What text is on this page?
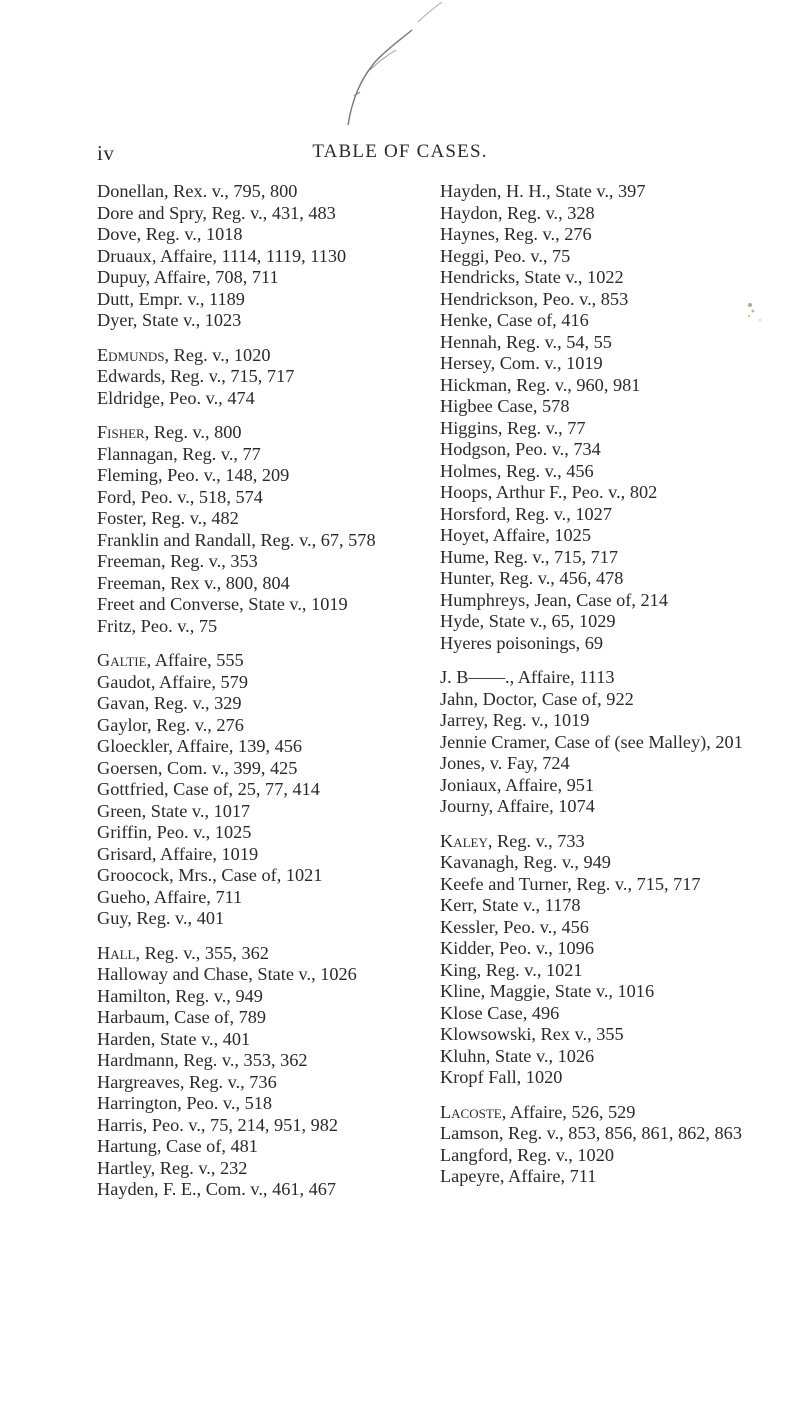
iv	TABLE OF CASES.
Donellan, Rex. v., 795, 800
Dore and Spry, Reg. v., 431, 483
Dove, Reg. v., 1018
Druaux, Affaire, 1114, 1119, 1130
Dupuy, Affaire, 708, 711
Dutt, Empr. v., 1189
Dyer, State v., 1023
Edmunds, Reg. v., 1020
Edwards, Reg. v., 715, 717
Eldridge, Peo. v., 474
Fisher, Reg. v., 800
Flannagan, Reg. v., 77
Fleming, Peo. v., 148, 209
Ford, Peo. v., 518, 574
Foster, Reg. v., 482
Franklin and Randall, Reg. v., 67, 578
Freeman, Reg. v., 353
Freeman, Rex v., 800, 804
Freet and Converse, State v., 1019
Fritz, Peo. v., 75
Galtie, Affaire, 555
Gaudot, Affaire, 579
Gavan, Reg. v., 329
Gaylor, Reg. v., 276
Gloeckler, Affaire, 139, 456
Goersen, Com. v., 399, 425
Gottfried, Case of, 25, 77, 414
Green, State v., 1017
Griffin, Peo. v., 1025
Grisard, Affaire, 1019
Groocock, Mrs., Case of, 1021
Gueho, Affaire, 711
Guy, Reg. v., 401
Hall, Reg. v., 355, 362
Halloway and Chase, State v., 1026
Hamilton, Reg. v., 949
Harbaum, Case of, 789
Harden, State v., 401
Hardmann, Reg. v., 353, 362
Hargreaves, Reg. v., 736
Harrington, Peo. v., 518
Harris, Peo. v., 75, 214, 951, 982
Hartung, Case of, 481
Hartley, Reg. v., 232
Hayden, F. E., Com. v., 461, 467
Hayden, H. H., State v., 397
Haydon, Reg. v., 328
Haynes, Reg. v., 276
Heggi, Peo. v., 75
Hendricks, State v., 1022
Hendrickson, Peo. v., 853
Henke, Case of, 416
Hennah, Reg. v., 54, 55
Hersey, Com. v., 1019
Hickman, Reg. v., 960, 981
Higbee Case, 578
Higgins, Reg. v., 77
Hodgson, Peo. v., 734
Holmes, Reg. v., 456
Hoops, Arthur F., Peo. v., 802
Horsford, Reg. v., 1027
Hoyet, Affaire, 1025
Hume, Reg. v., 715, 717
Hunter, Reg. v., 456, 478
Humphreys, Jean, Case of, 214
Hyde, State v., 65, 1029
Hyeres poisonings, 69
J. B——., Affaire, 1113
Jahn, Doctor, Case of, 922
Jarrey, Reg. v., 1019
Jennie Cramer, Case of (see Malley), 201
Jones, v. Fay, 724
Joniaux, Affaire, 951
Journy, Affaire, 1074
Kaley, Reg. v., 733
Kavanagh, Reg. v., 949
Keefe and Turner, Reg. v., 715, 717
Kerr, State v., 1178
Kessler, Peo. v., 456
Kidder, Peo. v., 1096
King, Reg. v., 1021
Kline, Maggie, State v., 1016
Klose Case, 496
Klowsowski, Rex v., 355
Kluhn, State v., 1026
Kropf Fall, 1020
Lacoste, Affaire, 526, 529
Lamson, Reg. v., 853, 856, 861, 862, 863
Langford, Reg. v., 1020
Lapeyre, Affaire, 711
